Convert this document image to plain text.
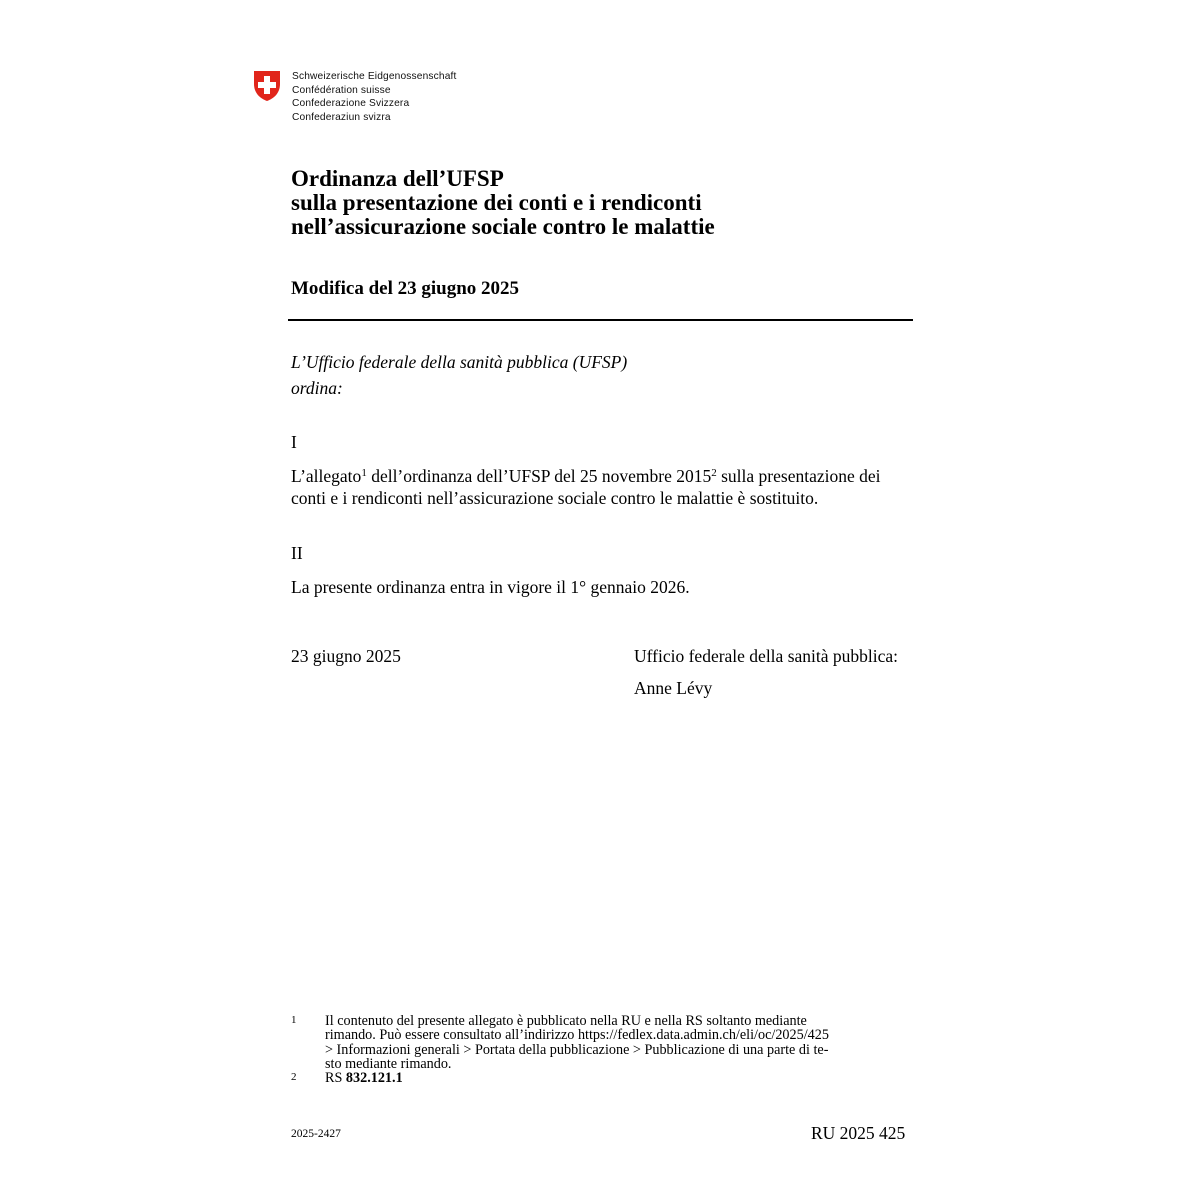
Schweizerische Eidgenossenschaft
Confédération suisse
Confederazione Svizzera
Confederaziun svizra
Ordinanza dell’UFSP
sulla presentazione dei conti e i rendiconti
nell’assicurazione sociale contro le malattie
Modifica del 23 giugno 2025
L’Ufficio federale della sanità pubblica (UFSP)
ordina:
I
L’allegato$^1$ dell’ordinanza dell’UFSP del 25 novembre 2015$^2$ sulla presentazione dei
conti e i rendiconti nell’assicurazione sociale contro le malattie è sostituito.
II
La presente ordinanza entra in vigore il 1° gennaio 2026.
23 giugno 2025	Ufficio federale della sanità pubblica:
Anne Lévy
1	Il contenuto del presente allegato è pubblicato nella RU e nella RS soltanto mediante
rimando. Può essere consultato all’indirizzo https://fedlex.data.admin.ch/eli/oc/2025/425
> Informazioni generali > Portata della pubblicazione > Pubblicazione di una parte di te-
sto mediante rimando.
2	RS 832.121.1
2025-2427	RU 2025 425
